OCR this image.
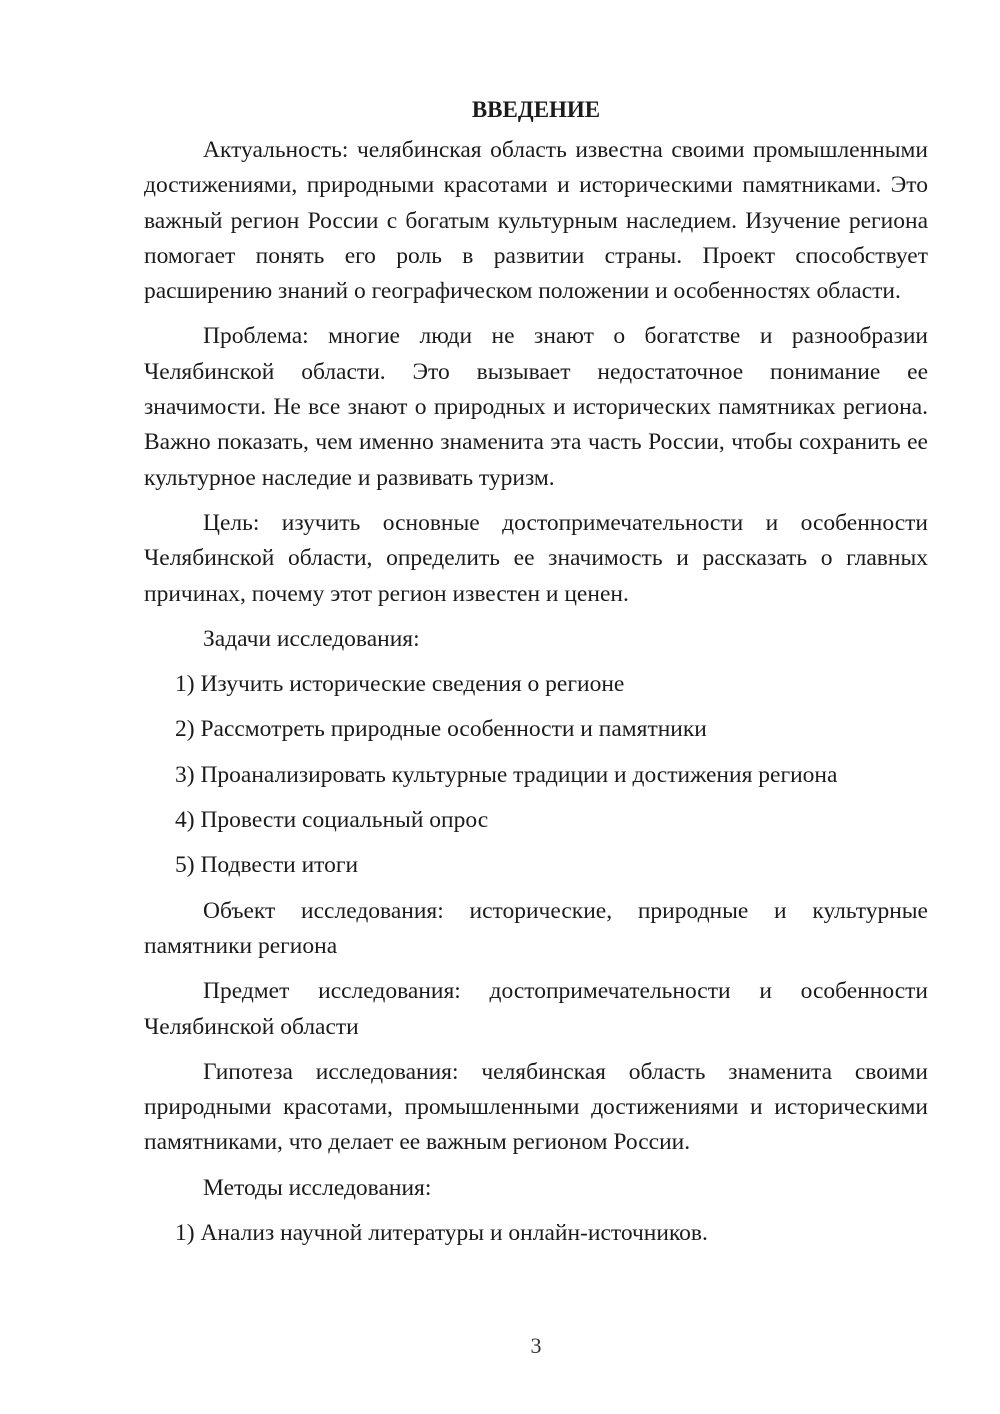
ВВЕДЕНИЕ

Актуальность: челябинская область известна своими промышленными достижениями, природными красотами и историческими памятниками. Это важный регион России с богатым культурным наследием. Изучение региона помогает понять его роль в развитии страны. Проект способствует расширению знаний о географическом положении и особенностях области.

Проблема: многие люди не знают о богатстве и разнообразии Челябинской области. Это вызывает недостаточное понимание ее значимости. Не все знают о природных и исторических памятниках региона. Важно показать, чем именно знаменита эта часть России, чтобы сохранить ее культурное наследие и развивать туризм.

Цель: изучить основные достопримечательности и особенности Челябинской области, определить ее значимость и рассказать о главных причинах, почему этот регион известен и ценен.

Задачи исследования:

1) Изучить исторические сведения о регионе

2) Рассмотреть природные особенности и памятники

3) Проанализировать культурные традиции и достижения региона

4) Провести социальный опрос

5) Подвести итоги

Объект исследования: исторические, природные и культурные памятники региона

Предмет исследования: достопримечательности и особенности Челябинской области

Гипотеза исследования: челябинская область знаменита своими природными красотами, промышленными достижениями и историческими памятниками, что делает ее важным регионом России.

Методы исследования:

1) Анализ научной литературы и онлайн-источников.

3
